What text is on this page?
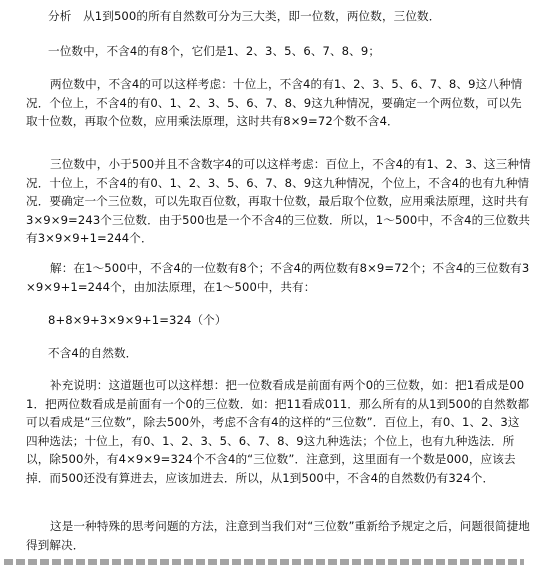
分析　从1到500的所有自然数可分为三大类，即一位数，两位数，三位数．

一位数中，不含4的有8个，它们是1、2、3、5、6、7、8、9；

两位数中，不含4的可以这样考虑：十位上，不含4的有1、2、3、5、6、7、8、9这八种情况．个位上，不含4的有0、1、2、3、5、6、7、8、9这九种情况，要确定一个两位数，可以先取十位数，再取个位数，应用乘法原理，这时共有8×9=72个数不含4．

三位数中，小于500并且不含数字4的可以这样考虑：百位上，不含4的有1、2、3、这三种情况．十位上，不含4的有0、1、2、3、5、6、7、8、9这九种情况，个位上，不含4的也有九种情况．要确定一个三位数，可以先取百位数，再取十位数，最后取个位数，应用乘法原理，这时共有3×9×9=243个三位数．由于500也是一个不含4的三位数．所以，1～500中，不含4的三位数共有3×9×9+1=244个．

解：在1～500中，不含4的一位数有8个；不含4的两位数有8×9=72个；不含4的三位数有3×9×9+1=244个，由加法原理，在1～500中，共有：

8+8×9+3×9×9+1=324（个）

不含4的自然数．

补充说明：这道题也可以这样想：把一位数看成是前面有两个0的三位数，如：把1看成是001．把两位数看成是前面有一个0的三位数．如：把11看成011．那么所有的从1到500的自然数都可以看成是“三位数”，除去500外，考虑不含有4的这样的“三位数”．百位上，有0、1、2、3这四种选法；十位上，有0、1、2、3、5、6、7、8、9这九种选法；个位上，也有九种选法．所以，除500外，有4×9×9=324个不含4的“三位数”．注意到，这里面有一个数是000，应该去掉．而500还没有算进去，应该加进去．所以，从1到500中，不含4的自然数仍有324个．

这是一种特殊的思考问题的方法，注意到当我们对“三位数”重新给予规定之后，问题很简捷地得到解决．
